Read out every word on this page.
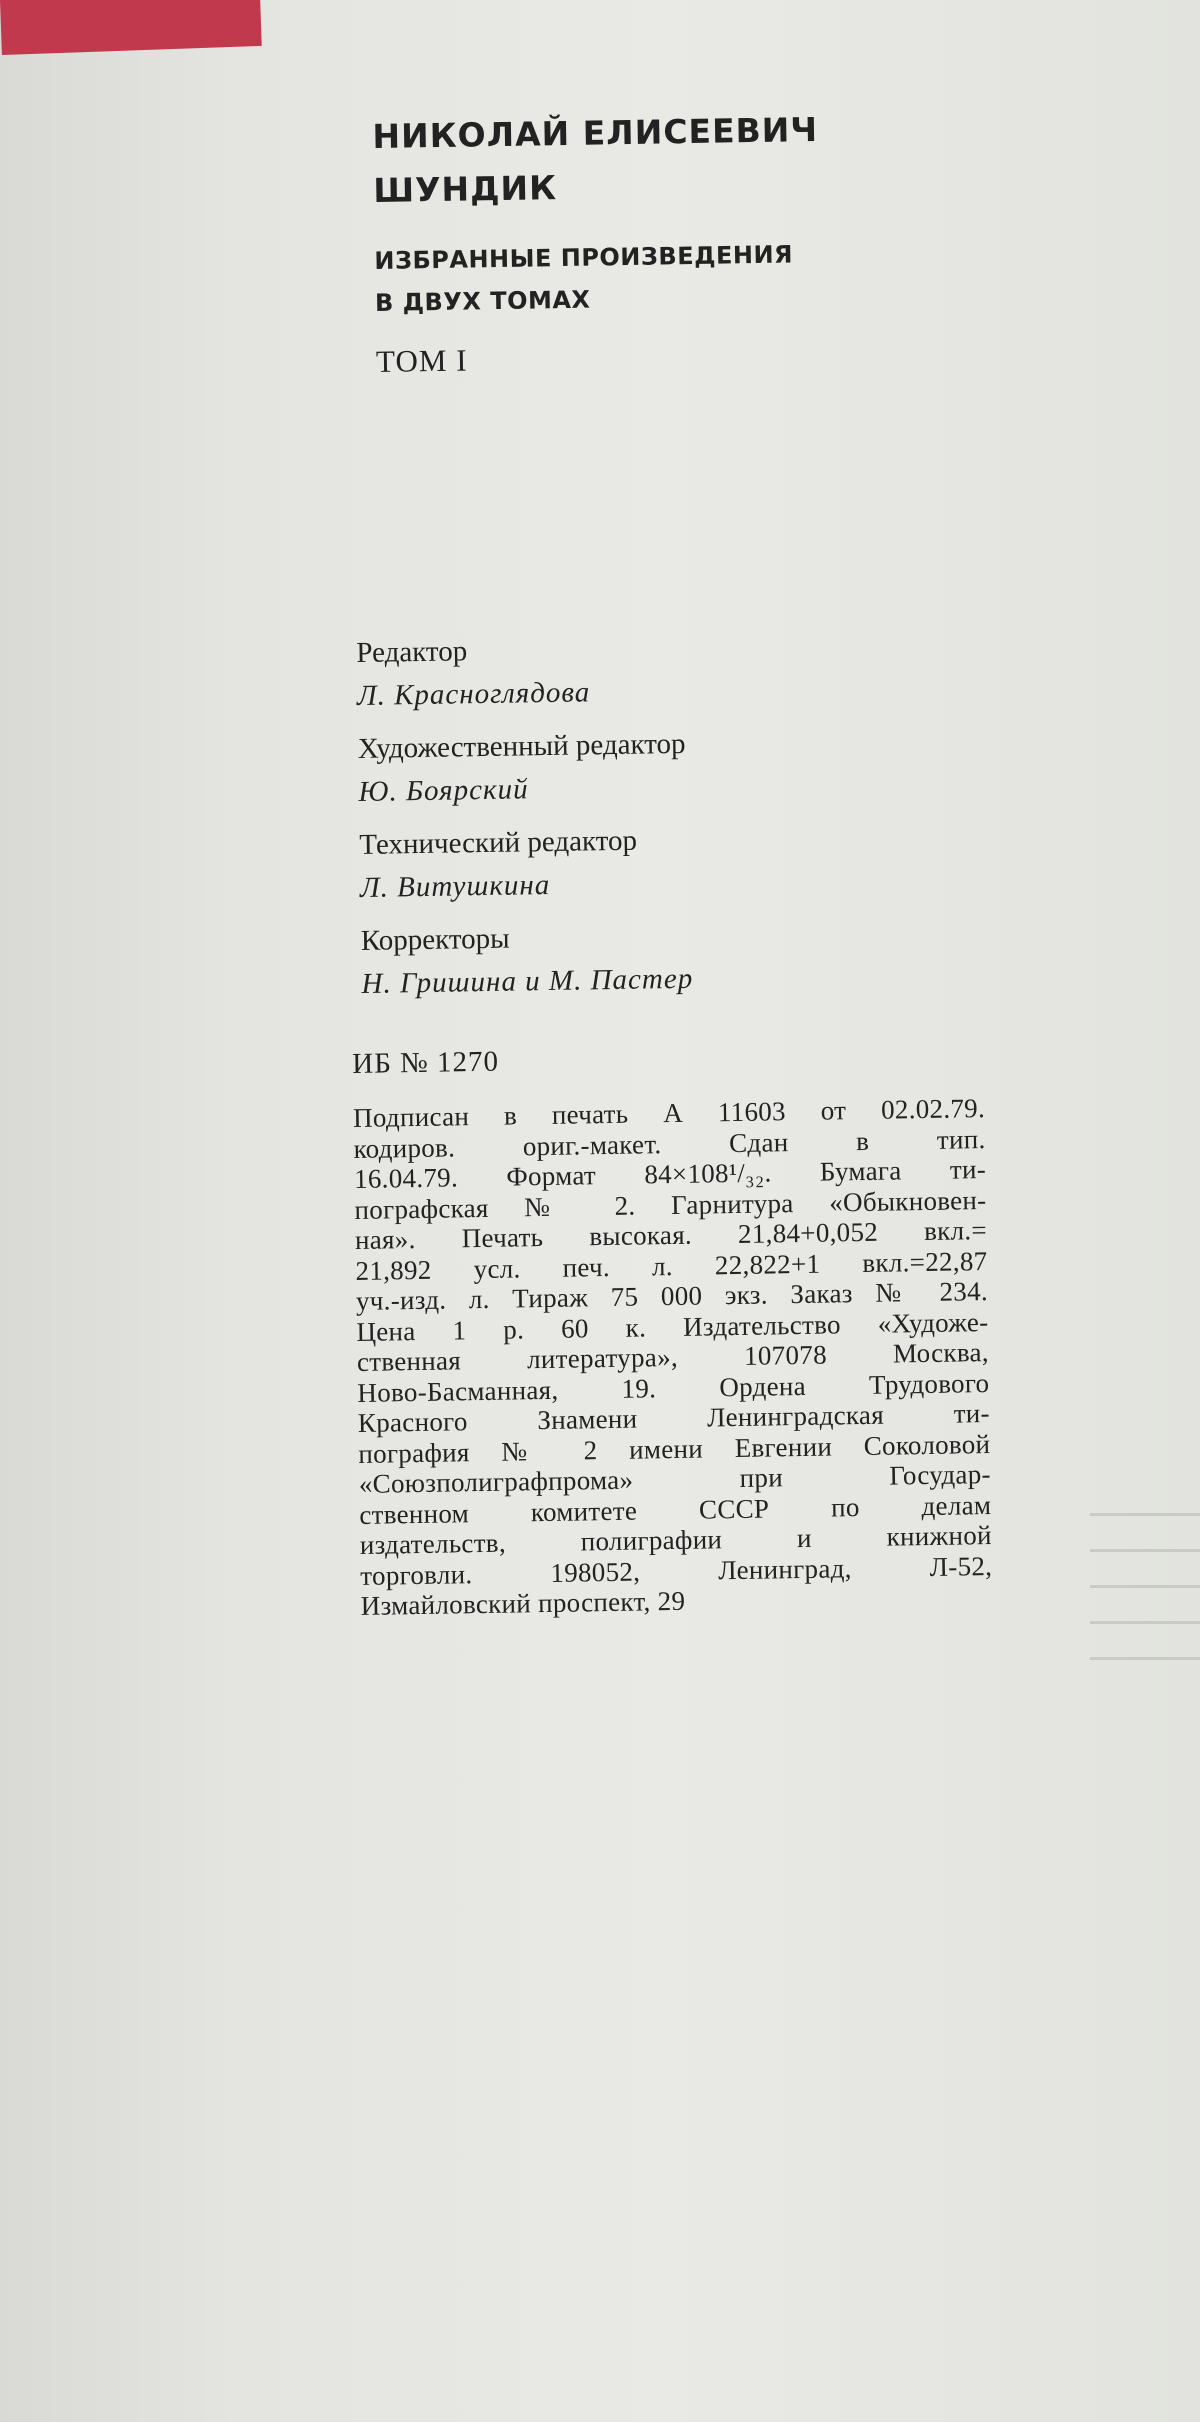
НИКОЛАЙ ЕЛИСЕЕВИЧ
ШУНДИК
ИЗБРАННЫЕ ПРОИЗВЕДЕНИЯ
В ДВУХ ТОМАХ
ТОМ I
Редактор
Л. Красноглядова
Художественный редактор
Ю. Боярский
Технический редактор
Л. Витушкина
Корректоры
Н. Гришина и М. Пастер
ИБ № 1270
Подписан в печать А 11603 от 02.02.79.
кодиров. ориг.-макет. Сдан в тип.
16.04.79. Формат 84×108¹/₃₂. Бумага ти-
пографская № 2. Гарнитура «Обыкновен-
ная». Печать высокая. 21,84+0,052 вкл.=
21,892 усл. печ. л. 22,822+1 вкл.=22,87
уч.-изд. л. Тираж 75 000 экз. Заказ № 234.
Цена 1 р. 60 к. Издательство «Художе-
ственная литература», 107078 Москва,
Ново-Басманная, 19. Ордена Трудового
Красного Знамени Ленинградская ти-
пография № 2 имени Евгении Соколовой
«Союзполиграфпрома» при Государ-
ственном комитете СССР по делам
издательств, полиграфии и книжной
торговли. 198052, Ленинград, Л-52,
Измайловский проспект, 29
